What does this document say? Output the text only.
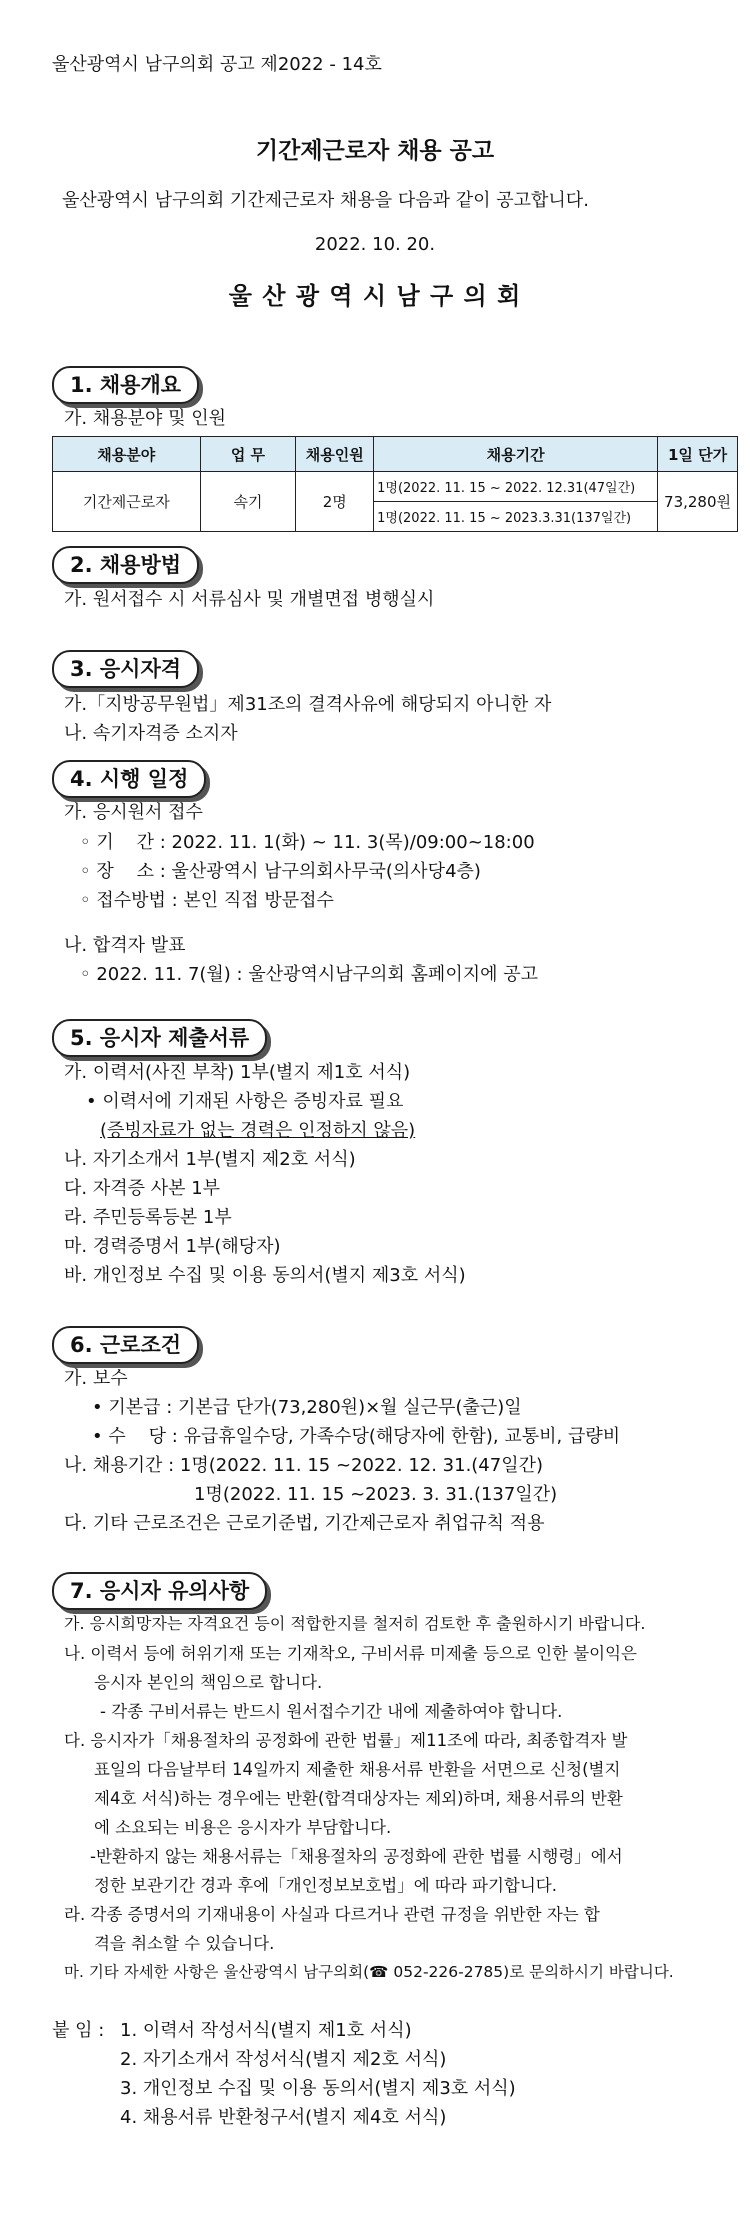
울산광역시 남구의회 공고 제2022 - 14호
기간제근로자 채용 공고
울산광역시 남구의회 기간제근로자 채용을 다음과 같이 공고합니다.
2022. 10. 20.
울 산 광 역 시 남 구 의 회
1. 채용개요
가. 채용분야 및 인원
채용분야	업 무	채용인원	채용기간	1일 단가
기간제근로자	속기	2명	1명(2022. 11. 15 ~ 2022. 12.31(47일간)	73,280원
			1명(2022. 11. 15 ~ 2023.3.31(137일간)	
2. 채용방법
가. 원서접수 시 서류심사 및 개별면접 병행실시
3. 응시자격
가.「지방공무원법」제31조의 결격사유에 해당되지 아니한 자
나. 속기자격증 소지자
4. 시행 일정
가. 응시원서 접수
◦ 기    간 : 2022. 11. 1(화) ~ 11. 3(목)/09:00~18:00
◦ 장    소 : 울산광역시 남구의회사무국(의사당4층)
◦ 접수방법 : 본인 직접 방문접수
나. 합격자 발표
◦ 2022. 11. 7(월) : 울산광역시남구의회 홈페이지에 공고
5. 응시자 제출서류
가. 이력서(사진 부착) 1부(별지 제1호 서식)
• 이력서에 기재된 사항은 증빙자료 필요
(증빙자료가 없는 경력은 인정하지 않음)
나. 자기소개서 1부(별지 제2호 서식)
다. 자격증 사본 1부
라. 주민등록등본 1부
마. 경력증명서 1부(해당자)
바. 개인정보 수집 및 이용 동의서(별지 제3호 서식)
6. 근로조건
가. 보수
• 기본급 : 기본급 단가(73,280원)×월 실근무(출근)일
• 수    당 : 유급휴일수당, 가족수당(해당자에 한함), 교통비, 급량비
나. 채용기간 : 1명(2022. 11. 15 ~2022. 12. 31.(47일간)
1명(2022. 11. 15 ~2023. 3. 31.(137일간)
다. 기타 근로조건은 근로기준법, 기간제근로자 취업규칙 적용
7. 응시자 유의사항
가. 응시희망자는 자격요건 등이 적합한지를 철저히 검토한 후 출원하시기 바랍니다.
나. 이력서 등에 허위기재 또는 기재착오, 구비서류 미제출 등으로 인한 불이익은
응시자 본인의 책임으로 합니다.
- 각종 구비서류는 반드시 원서접수기간 내에 제출하여야 합니다.
다. 응시자가「채용절차의 공정화에 관한 법률」제11조에 따라, 최종합격자 발
표일의 다음날부터 14일까지 제출한 채용서류 반환을 서면으로 신청(별지
제4호 서식)하는 경우에는 반환(합격대상자는 제외)하며, 채용서류의 반환
에 소요되는 비용은 응시자가 부담합니다.
-반환하지 않는 채용서류는「채용절차의 공정화에 관한 법률 시행령」에서
정한 보관기간 경과 후에「개인정보보호법」에 따라 파기합니다.
라. 각종 증명서의 기재내용이 사실과 다르거나 관련 규정을 위반한 자는 합
격을 취소할 수 있습니다.
마. 기타 자세한 사항은 울산광역시 남구의회(☎ 052-226-2785)로 문의하시기 바랍니다.
붙 임 : 1. 이력서 작성서식(별지 제1호 서식)
2. 자기소개서 작성서식(별지 제2호 서식)
3. 개인정보 수집 및 이용 동의서(별지 제3호 서식)
4. 채용서류 반환청구서(별지 제4호 서식)
